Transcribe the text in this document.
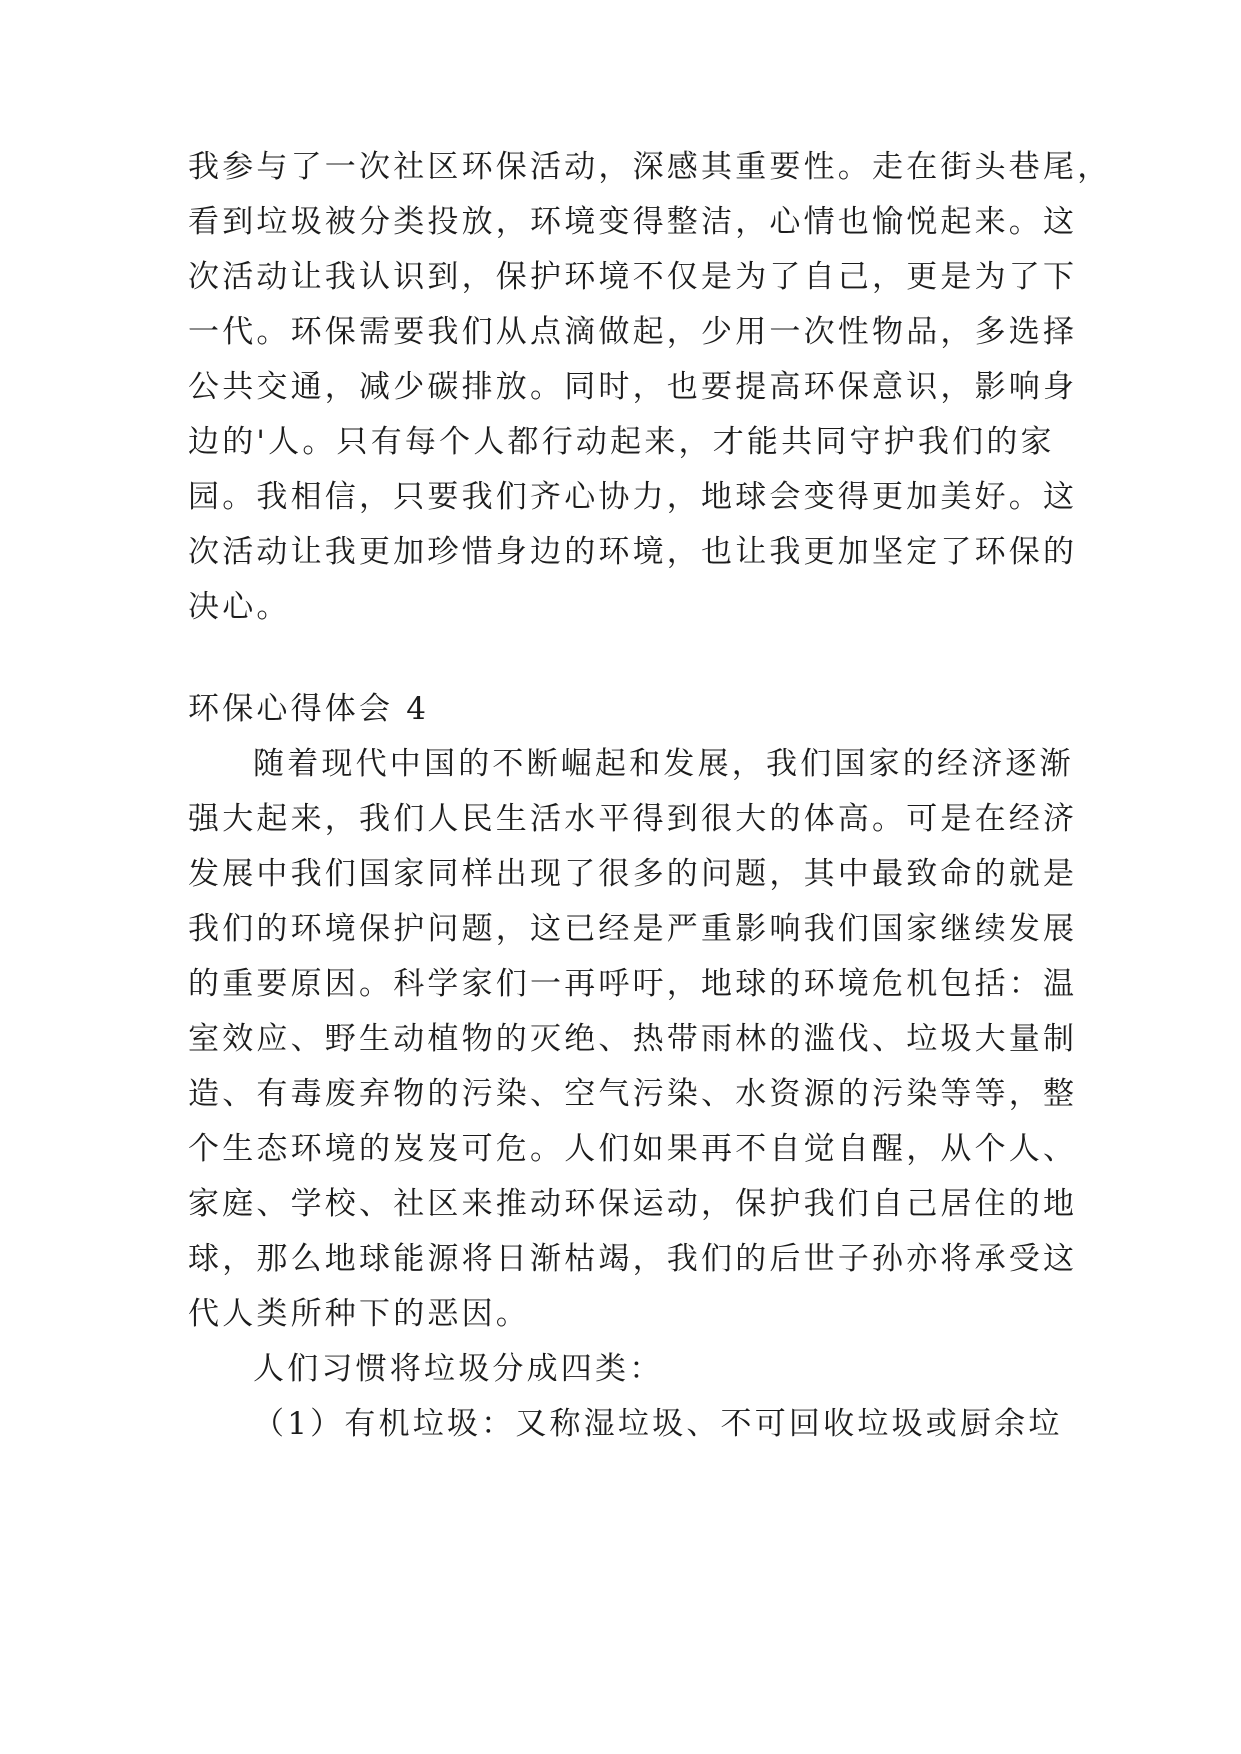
我参与了一次社区环保活动，深感其重要性。走在街头巷尾，
看到垃圾被分类投放，环境变得整洁，心情也愉悦起来。这
次活动让我认识到，保护环境不仅是为了自己，更是为了下
一代。环保需要我们从点滴做起，少用一次性物品，多选择
公共交通，减少碳排放。同时，也要提高环保意识，影响身
边的'人。只有每个人都行动起来，才能共同守护我们的家
园。我相信，只要我们齐心协力，地球会变得更加美好。这
次活动让我更加珍惜身边的环境，也让我更加坚定了环保的
决心。
环保心得体会 4
随着现代中国的不断崛起和发展，我们国家的经济逐渐
强大起来，我们人民生活水平得到很大的体高。可是在经济
发展中我们国家同样出现了很多的问题，其中最致命的就是
我们的环境保护问题，这已经是严重影响我们国家继续发展
的重要原因。科学家们一再呼吁，地球的环境危机包括：温
室效应、野生动植物的灭绝、热带雨林的滥伐、垃圾大量制
造、有毒废弃物的污染、空气污染、水资源的污染等等，整
个生态环境的岌岌可危。人们如果再不自觉自醒，从个人、
家庭、学校、社区来推动环保运动，保护我们自己居住的地
球，那么地球能源将日渐枯竭，我们的后世子孙亦将承受这
代人类所种下的恶因。
人们习惯将垃圾分成四类：
（1）有机垃圾：又称湿垃圾、不可回收垃圾或厨余垃
